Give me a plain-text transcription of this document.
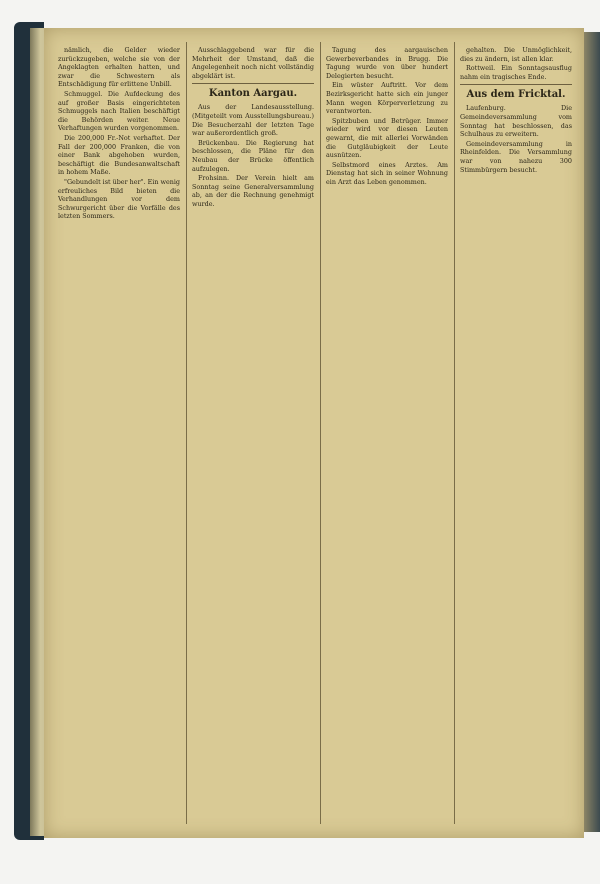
nämlich, die Gelder wieder zurückzugeben, welche sie von der Angeklagten erhalten hatten, und zwar die Schwestern als Entschädigung für erlittene Unbill.

Schmuggel. Die Aufdeckung des auf großer Basis eingerichteten Schmuggels nach Italien beschäftigt die Behörden weiter. Neue Verhaftungen wurden vorgenommen.

Die 200,000 Fr.-Not verhaftet. Der Fall der 200,000 Franken, die von einer Bank abgehoben wurden, beschäftigt die Bundesanwaltschaft in hohem Maße.

"Gebundelt ist über her". Ein wenig erfreuliches Bild bieten die Verhandlungen vor dem Schwurgericht über die Vorfälle des letzten Sommers.

Ausschlaggebend war für die Mehrheit der Umstand, daß die Angelegenheit noch nicht vollständig abgeklärt ist.

Kanton Aargau.

Aus der Landesausstellung. (Mitgeteilt vom Ausstellungsbureau.) Die Besucherzahl der letzten Tage war außerordentlich groß.

Brückenbau. Die Regierung hat beschlossen, die Pläne für den Neubau der Brücke öffentlich aufzulegen.

Frohsinn. Der Verein hielt am Sonntag seine Generalversammlung ab, an der die Rechnung genehmigt wurde.

Tagung des aargauischen Gewerbeverbandes in Brugg. Die Tagung wurde von über hundert Delegierten besucht.

Ein wüster Auftritt. Vor dem Bezirksgericht hatte sich ein junger Mann wegen Körperverletzung zu verantworten.

Spitzbuben und Betrüger. Immer wieder wird vor diesen Leuten gewarnt, die mit allerlei Vorwänden die Gutgläubigkeit der Leute ausnützen.

Selbstmord eines Arztes. Am Dienstag hat sich in seiner Wohnung ein Arzt das Leben genommen.

gehalten. Die Unmöglichkeit, dies zu ändern, ist allen klar.

Rottweil. Ein Sonntagsausflug nahm ein tragisches Ende.

Aus dem Fricktal.

Laufenburg. Die Gemeindeversammlung vom Sonntag hat beschlossen, das Schulhaus zu erweitern.

Gemeindeversammlung in Rheinfelden. Die Versammlung war von nahezu 300 Stimmbürgern besucht.
